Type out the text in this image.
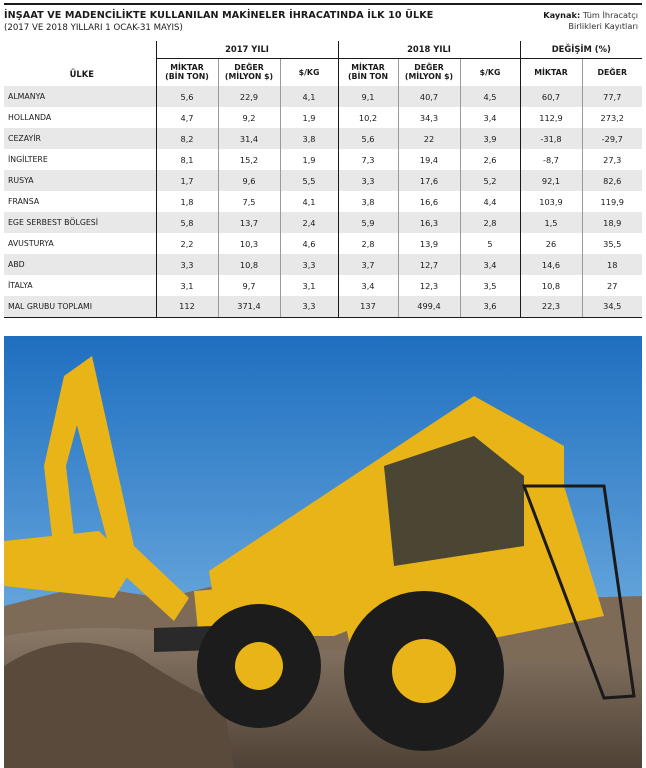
İNŞAAT VE MADENCİLİKTE KULLANILAN MAKİNELER İHRACATINDA İLK 10 ÜLKE
(2017 VE 2018 YILLARI 1 OCAK-31 MAYIS)
Kaynak: Tüm İhracatçı
Birlikleri Kayıtları
ÜLKE	2017 YILI			2018 YILI			DEĞİŞİM (%)	
	MİKTAR
(BİN TON)	DEĞER
(MİLYON $)	$/KG	MİKTAR
(BİN TON	DEĞER
(MİLYON $)	$/KG	MİKTAR	DEĞER
ALMANYA	5,6	22,9	4,1	9,1	40,7	4,5	60,7	77,7
HOLLANDA	4,7	9,2	1,9	10,2	34,3	3,4	112,9	273,2
CEZAYİR	8,2	31,4	3,8	5,6	22	3,9	-31,8	-29,7
İNGİLTERE	8,1	15,2	1,9	7,3	19,4	2,6	-8,7	27,3
RUSYA	1,7	9,6	5,5	3,3	17,6	5,2	92,1	82,6
FRANSA	1,8	7,5	4,1	3,8	16,6	4,4	103,9	119,9
EGE SERBEST BÖLGESİ	5,8	13,7	2,4	5,9	16,3	2,8	1,5	18,9
AVUSTURYA	2,2	10,3	4,6	2,8	13,9	5	26	35,5
ABD	3,3	10,8	3,3	3,7	12,7	3,4	14,6	18
İTALYA	3,1	9,7	3,1	3,4	12,3	3,5	10,8	27
MAL GRUBU TOPLAMI	112	371,4	3,3	137	499,4	3,6	22,3	34,5
